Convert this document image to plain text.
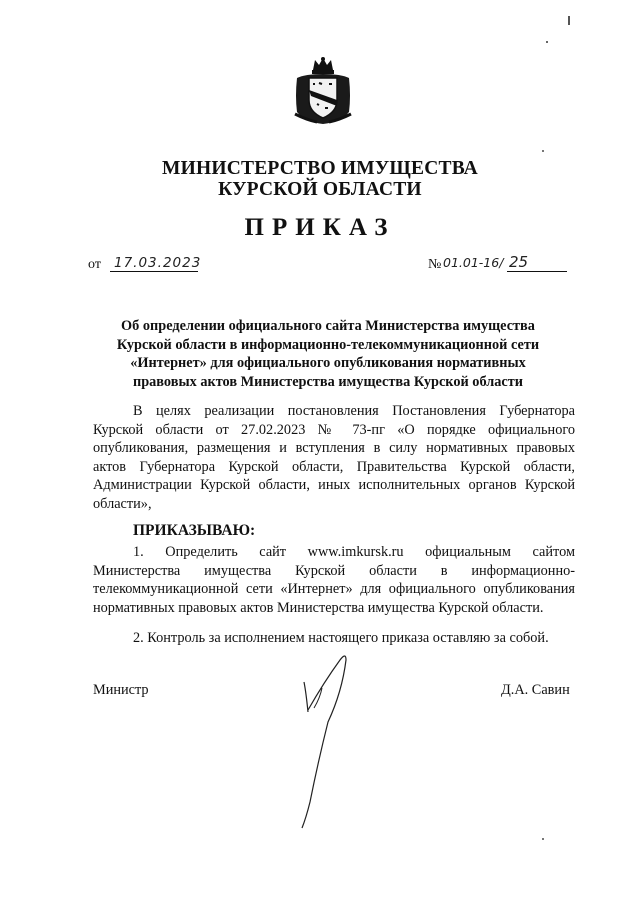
МИНИСТЕРСТВО ИМУЩЕСТВА
КУРСКОЙ ОБЛАСТИ
ПРИКАЗ
от 17.03.2023	№ 01.01-16/ 25
Об определении официального сайта Министерства имущества
Курской области в информационно-телекоммуникационной сети
«Интернет» для официального опубликования нормативных
правовых актов Министерства имущества Курской области
В целях реализации постановления Постановления Губернатора Курской области от 27.02.2023 № 73-пг «О порядке официального опубликования, размещения и вступления в силу нормативных правовых актов Губернатора Курской области, Правительства Курской области, Администрации Курской области, иных исполнительных органов Курской области»,
ПРИКАЗЫВАЮ:
1. Определить сайт www.imkursk.ru официальным сайтом Министерства имущества Курской области в информационно-телекоммуникационной сети «Интернет» для официального опубликования нормативных правовых актов Министерства имущества Курской области.
2. Контроль за исполнением настоящего приказа оставляю за собой.
Министр	Д.А. Савин
